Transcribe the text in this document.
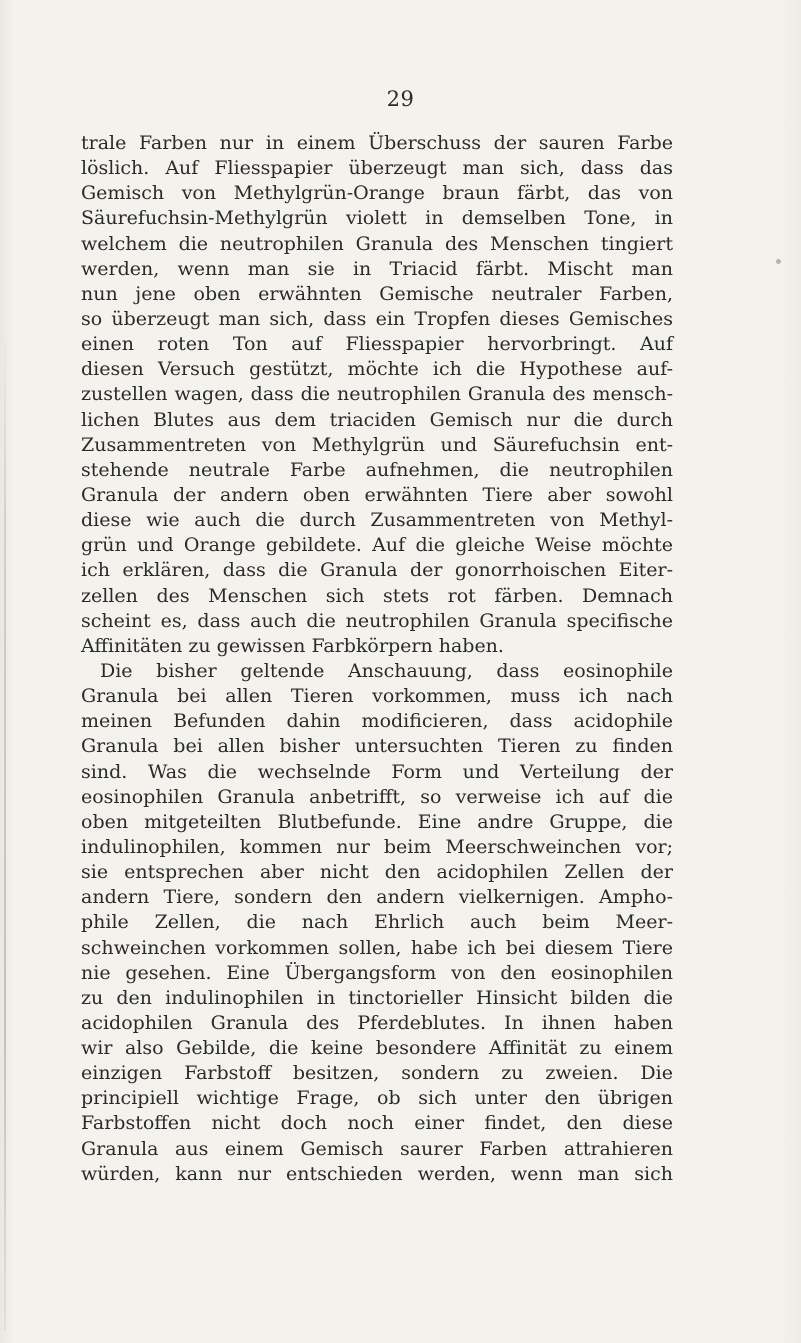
29

trale Farben nur in einem Überschuss der sauren Farbe
löslich. Auf Fliesspapier überzeugt man sich, dass das
Gemisch von Methylgrün-Orange braun färbt, das von
Säurefuchsin-Methylgrün violett in demselben Tone, in
welchem die neutrophilen Granula des Menschen tingiert
werden, wenn man sie in Triacid färbt. Mischt man
nun jene oben erwähnten Gemische neutraler Farben,
so überzeugt man sich, dass ein Tropfen dieses Gemisches
einen roten Ton auf Fliesspapier hervorbringt. Auf
diesen Versuch gestützt, möchte ich die Hypothese auf-
zustellen wagen, dass die neutrophilen Granula des mensch-
lichen Blutes aus dem triaciden Gemisch nur die durch
Zusammentreten von Methylgrün und Säurefuchsin ent-
stehende neutrale Farbe aufnehmen, die neutrophilen
Granula der andern oben erwähnten Tiere aber sowohl
diese wie auch die durch Zusammentreten von Methyl-
grün und Orange gebildete. Auf die gleiche Weise möchte
ich erklären, dass die Granula der gonorrhoischen Eiter-
zellen des Menschen sich stets rot färben. Demnach
scheint es, dass auch die neutrophilen Granula specifische
Affinitäten zu gewissen Farbkörpern haben.
Die bisher geltende Anschauung, dass eosinophile
Granula bei allen Tieren vorkommen, muss ich nach
meinen Befunden dahin modificieren, dass acidophile
Granula bei allen bisher untersuchten Tieren zu finden
sind. Was die wechselnde Form und Verteilung der
eosinophilen Granula anbetrifft, so verweise ich auf die
oben mitgeteilten Blutbefunde. Eine andre Gruppe, die
indulinophilen, kommen nur beim Meerschweinchen vor;
sie entsprechen aber nicht den acidophilen Zellen der
andern Tiere, sondern den andern vielkernigen. Ampho-
phile Zellen, die nach Ehrlich auch beim Meer-
schweinchen vorkommen sollen, habe ich bei diesem Tiere
nie gesehen. Eine Übergangsform von den eosinophilen
zu den indulinophilen in tinctorieller Hinsicht bilden die
acidophilen Granula des Pferdeblutes. In ihnen haben
wir also Gebilde, die keine besondere Affinität zu einem
einzigen Farbstoff besitzen, sondern zu zweien. Die
principiell wichtige Frage, ob sich unter den übrigen
Farbstoffen nicht doch noch einer findet, den diese
Granula aus einem Gemisch saurer Farben attrahieren
würden, kann nur entschieden werden, wenn man sich
